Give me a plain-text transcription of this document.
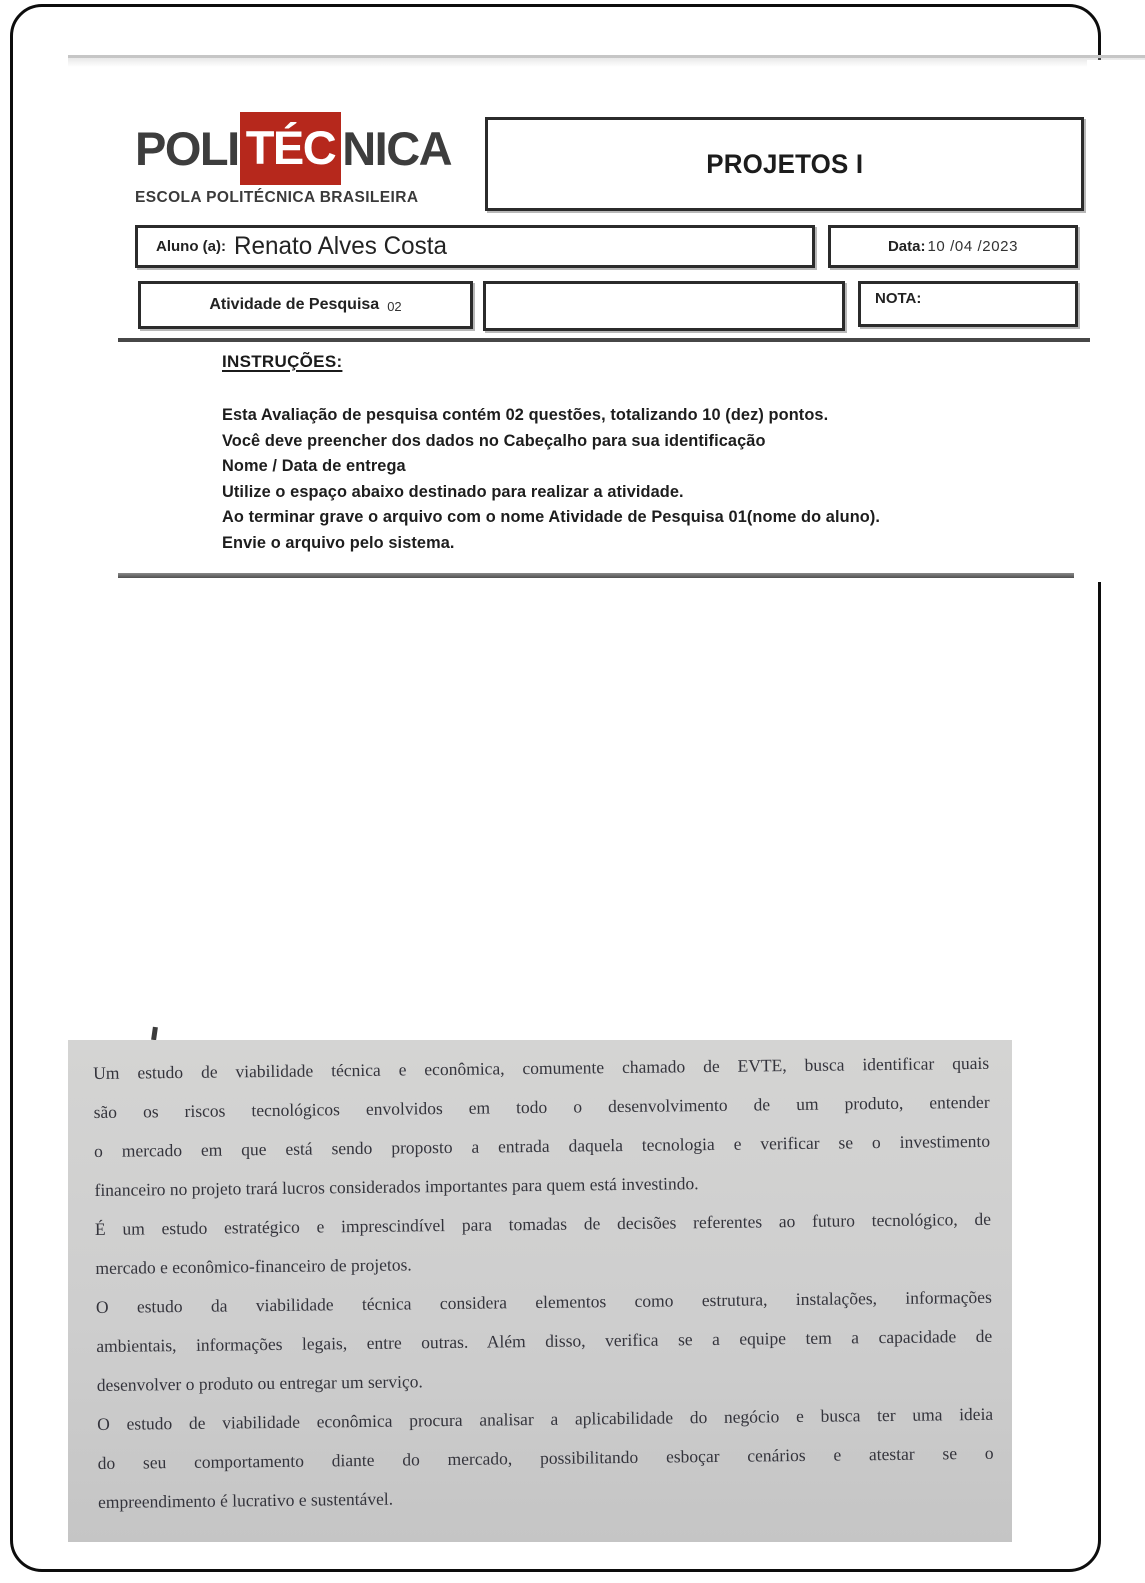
POLI TÉC NICA
ESCOLA POLITÉCNICA BRASILEIRA
PROJETOS I
Aluno (a): Renato Alves Costa	Data: 10 /04 /2023
Atividade de Pesquisa 02	NOTA:
INSTRUÇÕES:
Esta Avaliação de pesquisa contém 02 questões, totalizando 10 (dez) pontos.
Você deve preencher dos dados no Cabeçalho para sua identificação
Nome / Data de entrega
Utilize o espaço abaixo destinado para realizar a atividade.
Ao terminar grave o arquivo com o nome Atividade de Pesquisa 01(nome do aluno).
Envie o arquivo pelo sistema.
Um estudo de viabilidade técnica e econômica, comumente chamado de EVTE, busca identificar quais
são os riscos tecnológicos envolvidos em todo o desenvolvimento de um produto, entender
o mercado em que está sendo proposto a entrada daquela tecnologia e verificar se o investimento
financeiro no projeto trará lucros considerados importantes para quem está investindo.
É um estudo estratégico e imprescindível para tomadas de decisões referentes ao futuro tecnológico, de
mercado e econômico-financeiro de projetos.
O estudo da viabilidade técnica considera elementos como estrutura, instalações, informações
ambientais, informações legais, entre outras. Além disso, verifica se a equipe tem a capacidade de
desenvolver o produto ou entregar um serviço.
O estudo de viabilidade econômica procura analisar a aplicabilidade do negócio e busca ter uma ideia
do seu comportamento diante do mercado, possibilitando esboçar cenários e atestar se o
empreendimento é lucrativo e sustentável.
